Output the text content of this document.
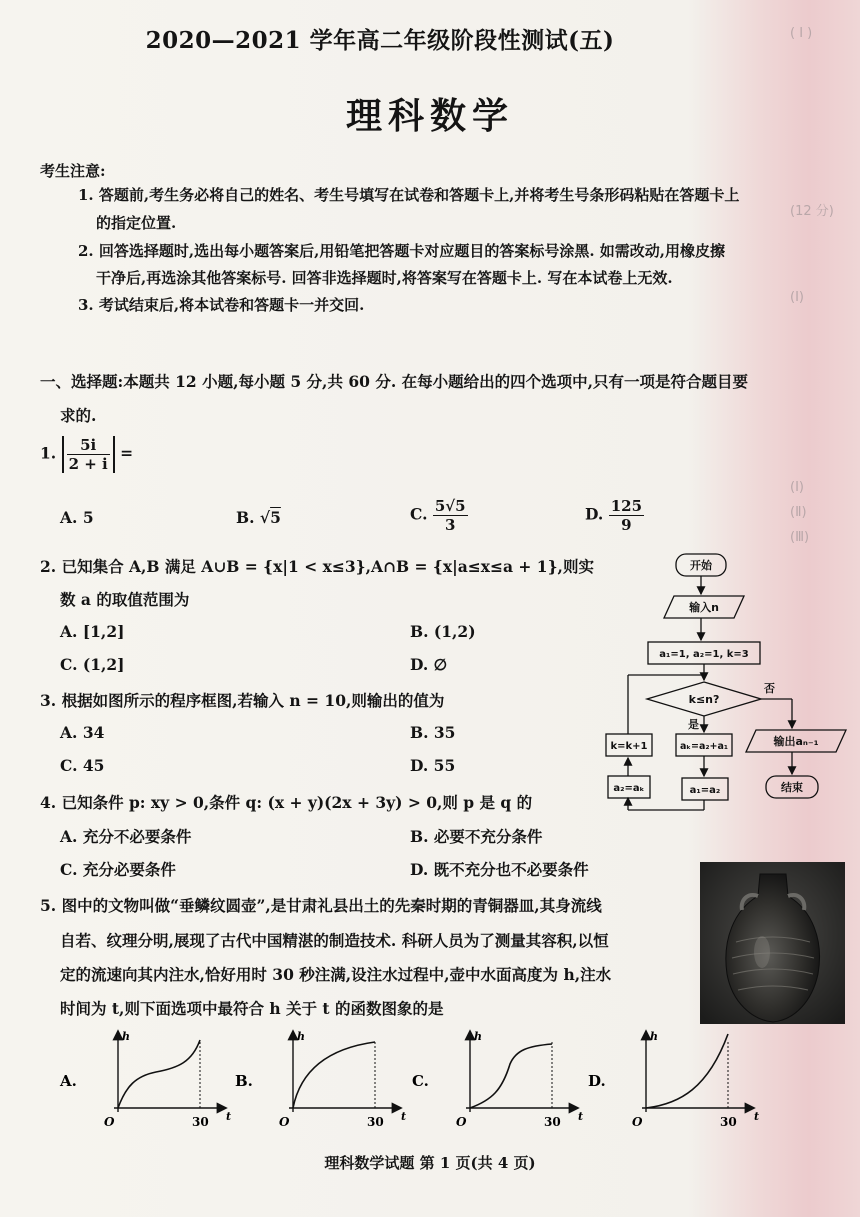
( Ⅰ )
(12 分)
(Ⅰ)
(Ⅰ)
(Ⅱ)
(Ⅲ)
2020—2021 学年高二年级阶段性测试(五)
理科数学
考生注意:
1. 答题前,考生务必将自己的姓名、考生号填写在试卷和答题卡上,并将考生号条形码粘贴在答题卡上
的指定位置.
2. 回答选择题时,选出每小题答案后,用铅笔把答题卡对应题目的答案标号涂黑. 如需改动,用橡皮擦
干净后,再选涂其他答案标号. 回答非选择题时,将答案写在答题卡上. 写在本试卷上无效.
3. 考试结束后,将本试卷和答题卡一并交回.
一、选择题:本题共 12 小题,每小题 5 分,共 60 分. 在每小题给出的四个选项中,只有一项是符合题目要
求的.
1. $\frac{5i}{2 + i}$ =
A. 5	B. √5	C. $\frac{5√5}{3}$	D. $\frac{125}{9}$
2. 已知集合 A,B 满足 A∪B = {x|1 < x≤3},A∩B = {x|a≤x≤a + 1},则实
数 a 的取值范围为
A. [1,2]	B. (1,2)
C. (1,2]	D. ∅
3. 根据如图所示的程序框图,若输入 n = 10,则输出的值为
A. 34	B. 35
C. 45	D. 55
开始
输入n
a₁=1, a₂=1, k=3
k≤n?
否
是
aₖ=a₂+a₁
a₁=a₂
a₂=aₖ
k=k+1	输出aₙ₋₁
结束
4. 已知条件 p: xy > 0,条件 q: (x + y)(2x + 3y) > 0,则 p 是 q 的
A. 充分不必要条件	B. 必要不充分条件
C. 充分必要条件	D. 既不充分也不必要条件
5. 图中的文物叫做“垂鳞纹圆壶”,是甘肃礼县出土的先秦时期的青铜器皿,其身流线
自若、纹理分明,展现了古代中国精湛的制造技术. 科研人员为了测量其容积,以恒
定的流速向其内注水,恰好用时 30 秒注满,设注水过程中,壶中水面高度为 h,注水
时间为 t,则下面选项中最符合 h 关于 t 的函数图象的是
A.
h
t
O	30
B.
h
t
O	30
C.
h
t
O	30
D.
h
t
O	30
理科数学试题 第 1 页(共 4 页)
